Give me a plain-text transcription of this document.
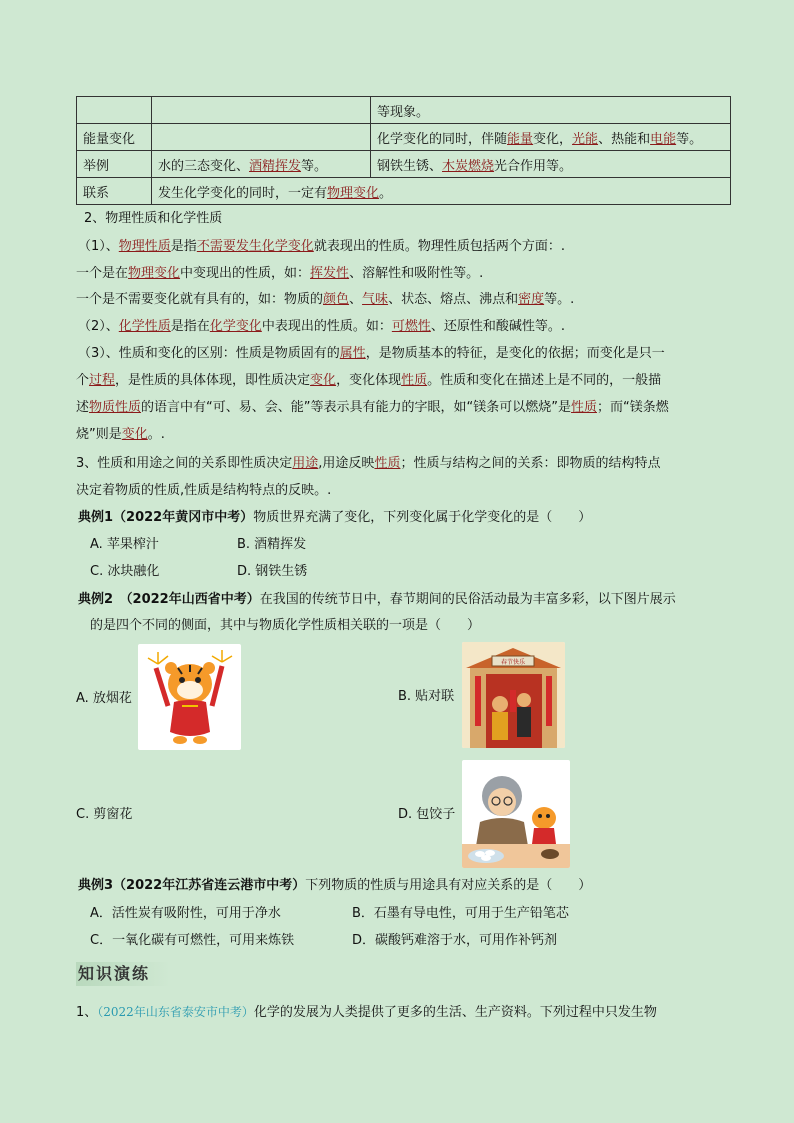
		等现象。
能量变化		化学变化的同时，伴随能量变化，光能、热能和电能等。
举例	水的三态变化、酒精挥发等。	钢铁生锈、木炭燃烧光合作用等。
联系	发生化学变化的同时，一定有物理变化。	
2、物理性质和化学性质
（1）、物理性质是指不需要发生化学变化就表现出的性质。物理性质包括两个方面：.
一个是在物理变化中变现出的性质，如：挥发性、溶解性和吸附性等。.
一个是不需要变化就有具有的，如：物质的颜色、气味、状态、熔点、沸点和密度等。.
（2）、化学性质是指在化学变化中表现出的性质。如：可燃性、还原性和酸碱性等。.
（3）、性质和变化的区别：性质是物质固有的属性，是物质基本的特征，是变化的依据；而变化是只一
个过程，是性质的具体体现，即性质决定变化，变化体现性质。性质和变化在描述上是不同的，一般描
述物质性质的语言中有“可、易、会、能”等表示具有能力的字眼，如“镁条可以燃烧”是性质；而“镁条燃
烧”则是变化。.
3、性质和用途之间的关系即性质决定用途,用途反映性质；性质与结构之间的关系：即物质的结构特点
决定着物质的性质,性质是结构特点的反映。.
典例1（2022年黄冈市中考）物质世界充满了变化，下列变化属于化学变化的是（　　）
A. 苹果榨汁	B. 酒精挥发
C. 冰块融化	D. 钢铁生锈
典例2　（2022年山西省中考）在我国的传统节日中，春节期间的民俗活动最为丰富多彩，以下图片展示
的是四个不同的侧面，其中与物质化学性质相关联的一项是（　　）
A. 放烟花	B. 贴对联
春节快乐
C. 剪窗花	D. 包饺子
典例3（2022年江苏省连云港市中考）下列物质的性质与用途具有对应关系的是（　　）
A．活性炭有吸附性，可用于净水	B．石墨有导电性，可用于生产铅笔芯
C．一氧化碳有可燃性，可用来炼铁	D．碳酸钙难溶于水，可用作补钙剂
知识演练
1、（2022年山东省泰安市中考）化学的发展为人类提供了更多的生活、生产资料。下列过程中只发生物
